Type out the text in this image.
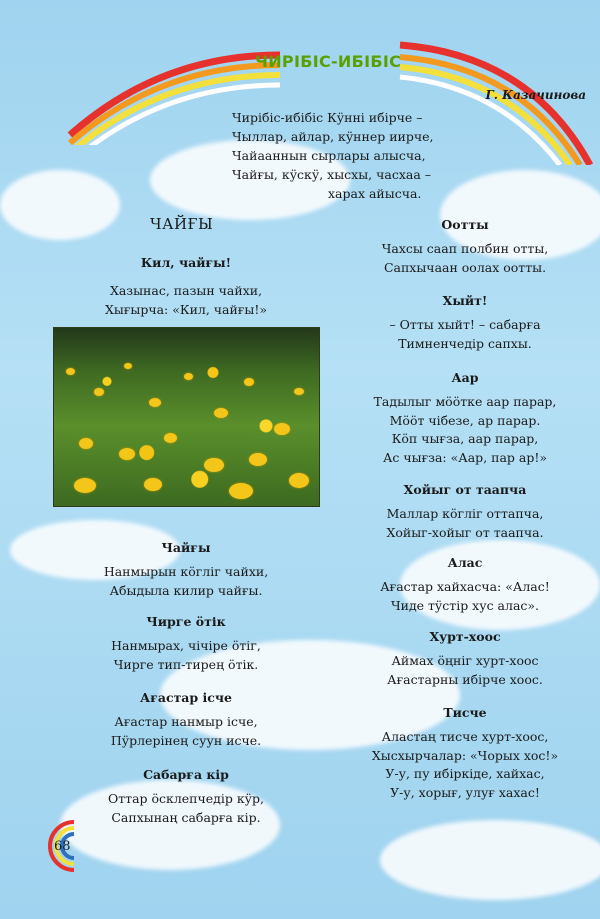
ЧИРІБІС-ИБІБІС
Г. Казачинова
Чирібіс-ибібіс Кӱнні ибірче –
Чыллар, айлар, кӱннер ииpче,
Чайааннын сырлары алысча,
Чайғы, кӱскӱ, хысхы, часхаа –
харах айысча.
ЧАЙҒЫ

Кил, чайғы!

Хазынас, пазын чайхи,
Хығырча: «Кил, чайғы!»

Чайғы

Нанмырын кӧглiг чайхи,
Абыдыла килир чайғы.

Чирге ӧтік

Нанмырах, чiчiре ӧтiг,
Чирге тип-тирең ӧтiк.

Ағастар iсче

Ағастар нанмыр iсче,
Пӱрлерiнең суун исче.

Сабарға кiр

Оттар ӧсклепчедiр кӱр,
Сапхынаң сабарға кiр.

Оотты

Чахсы саап полбин отты,
Сапхычаан оолах оотты.

Хыйт!

– Отты хыйт! – сабарға
Тимненчедiр сапхы.

Аар

Тадылыг мӧӧтке аар парар,
Мӧӧт чiбезе, ар парар.
Кӧп чығза, аар парар,
Ас чығза: «Аар, пар ар!»

Хойыг от таапча

Маллар кӧглiг оттапча,
Хойыг-хойыг от таапча.

Алас

Ағастар хайхасча: «Алас!
Чиде тӱстiр хус алас».

Хурт-хоос

Аймах ӧңнiг хурт-хоос
Ағастарны ибiрче хоос.

Тисче

Аластаң тисче хурт-хоос,
Хысхырчалар: «Чорых хос!»
У-у, пу ибiркiде, хайхас,
У-у, хорығ, улуғ хахас!
68
